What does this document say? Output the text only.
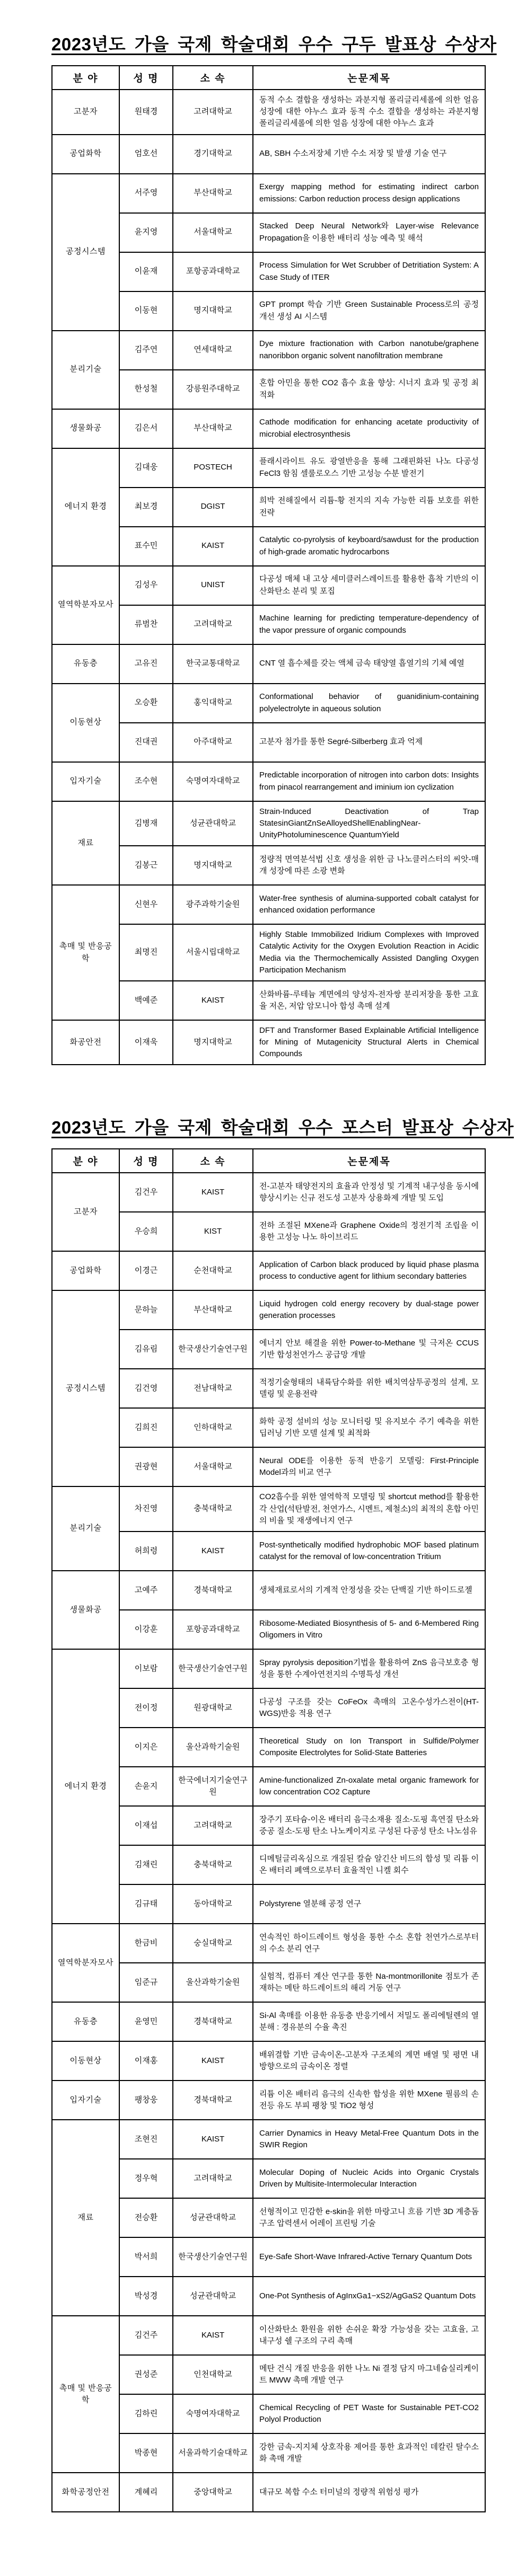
2023년도 가을 국제 학술대회 우수 구두 발표상 수상자
분 야	성 명	소 속	논문제목
고분자	원태경	고려대학교	동적 수소 결합을 생성하는 과분지형 폴리글리세롤에 의한 얼음 성장에 대한 야누스 효과 동적 수소 결합을 생성하는 과분지형 폴리글리세롤에 의한 얼음 성장에 대한 야누스 효과
공업화학	엄호선	경기대학교	AB, SBH 수소저장체 기반 수소 저장 및 발생 기술 연구
공정시스템	서주영	부산대학교	Exergy mapping method for estimating indirect carbon emissions: Carbon reduction process design applications
	윤지영	서울대학교	Stacked Deep Neural Network와 Layer-wise Relevance Propagation을 이용한 배터리 성능 예측 및 해석
	이윤재	포항공과대학교	Process Simulation for Wet Scrubber of Detritiation System: A Case Study of ITER
	이동현	명지대학교	GPT prompt 학습 기반 Green Sustainable Process로의 공정 개선 생성 AI 시스템
분리기술	김주연	연세대학교	Dye mixture fractionation with Carbon nanotube/graphene nanoribbon organic solvent nanofiltration membrane
	한성철	강릉원주대학교	혼합 아민을 통한 CO2 흡수 효율 향상: 시너지 효과 및 공정 최적화
생물화공	김은서	부산대학교	Cathode modification for enhancing acetate productivity of microbial electrosynthesis
에너지 환경	김대웅	POSTECH	플래시라이트 유도 광열반응을 통해 그래핀화된 나노 다공성 FeCl3 함침 셀룰로오스 기반 고성능 수분 발전기
	최보경	DGIST	희박 전해질에서 리튬-황 전지의 지속 가능한 리튬 보호를 위한 전략
	표수민	KAIST	Catalytic co-pyrolysis of keyboard/sawdust for the production of high-grade aromatic hydrocarbons
열역학분자모사	김성우	UNIST	다공성 매체 내 고상 세미클러스레이트를 활용한 흡착 기반의 이산화탄소 분리 및 포집
	류범찬	고려대학교	Machine learning for predicting temperature-dependency of the vapor pressure of organic compounds
유동층	고유진	한국교통대학교	CNT 열 흡수체를 갖는 액체 금속 태양열 흡열기의 기체 예열
이동현상	오승환	홍익대학교	Conformational behavior of guanidinium-containing polyelectrolyte in aqueous solution
	진대권	아주대학교	고분자 첨가를 통한 Segré-Silberberg 효과 억제
입자기술	조수현	숙명여자대학교	Predictable incorporation of nitrogen into carbon dots: Insights from pinacol rearrangement and iminium ion cyclization
재료	김병재	성균관대학교	Strain-Induced Deactivation of Trap StatesinGiantZnSeAlloyedShellEnablingNear-UnityPhotoluminescence QuantumYield
	김봉근	명지대학교	정량적 면역분석법 신호 생성을 위한 금 나노클러스터의 씨앗-매개 성장에 따른 소광 변화
촉매 및 반응공학	신현우	광주과학기술원	Water-free synthesis of alumina-supported cobalt catalyst for enhanced oxidation performance
	최명진	서울시립대학교	Highly Stable Immobilized Iridium Complexes with Improved Catalytic Activity for the Oxygen Evolution Reaction in Acidic Media via the Thermochemically Assisted Dangling Oxygen Participation Mechanism
	백예준	KAIST	산화바륨-루테늄 계면에의 양성자-전자쌍 분리저장을 통한 고효율 저온, 저압 암모니아 합성 촉매 설계
화공안전	이재욱	명지대학교	DFT and Transformer Based Explainable Artificial Intelligence for Mining of Mutagenicity Structural Alerts in Chemical Compounds
2023년도 가을 국제 학술대회 우수 포스터 발표상 수상자
분 야	성 명	소 속	논문제목
고분자	김건우	KAIST	전-고분자 태양전지의 효율과 안정성 및 기계적 내구성을 동시에 향상시키는 신규 전도성 고분자 상용화제 개발 및 도입
	우승희	KIST	전하 조절된 MXene과 Graphene Oxide의 정전기적 조립을 이용한 고성능 나노 하이브리드
공업화학	이경근	순천대학교	Application of Carbon black produced by liquid phase plasma process to conductive agent for lithium secondary batteries
공정시스템	문하늘	부산대학교	Liquid hydrogen cold energy recovery by dual-stage power generation processes
	김유림	한국생산기술연구원	에너지 안보 해결을 위한 Power-to-Methane 및 극저온 CCUS 기반 합성천연가스 공급망 개발
	김건영	전남대학교	적정기술형태의 내륙담수화를 위한 배치역삼투공정의 설계, 모델링 및 운용전략
	김희진	인하대학교	화학 공정 설비의 성능 모니터링 및 유지보수 주기 예측을 위한 딥러닝 기반 모델 설계 및 최적화
	권광현	서울대학교	Neural ODE를 이용한 동적 반응기 모델링: First-Principle Model과의 비교 연구
분리기술	차진영	충북대학교	CO2흡수를 위한 열역학적 모델링 및 shortcut method를 활용한 각 산업(석탄발전, 천연가스, 시멘트, 제철소)의 최적의 혼합 아민의 비율 및 재생에너지 연구
	허희령	KAIST	Post-synthetically modified hydrophobic MOF based platinum catalyst for the removal of low-concentration Tritium
생물화공	고예주	경북대학교	생체재료로서의 기계적 안정성을 갖는 단백질 기반 하이드로젤
	이강훈	포항공과대학교	Ribosome-Mediated Biosynthesis of 5- and 6-Membered Ring Oligomers in Vitro
에너지 환경	이보람	한국생산기술연구원	Spray pyrolysis deposition기법을 활용하여 ZnS 음극보호층 형성을 통한 수계아연전지의 수명특성 개선
	전이정	원광대학교	다공성 구조를 갖는 CoFeOx 촉매의 고온수성가스전이(HT-WGS)반응 적용 연구
	이지은	울산과학기술원	Theoretical Study on Ion Transport in Sulfide/Polymer Composite Electrolytes for Solid-State Batteries
	손윤지	한국에너지기술연구원	Amine-functionalized Zn-oxalate metal organic framework for low concentration CO2 Capture
	이재섭	고려대학교	장주기 포타슘-이온 배터리 음극소재용 질소-도핑 흑연질 탄소와 중공 질소-도핑 탄소 나노케이지로 구성된 다공성 탄소 나노섬유
	김채린	충북대학교	디메틸글리옥심으로 개질된 칼슘 알긴산 비드의 합성 및 리튬 이온 배터리 폐액으로부터 효율적인 니켈 회수
	김규태	동아대학교	Polystyrene 열분해 공정 연구
열역학분자모사	한금비	숭실대학교	연속적인 하이드레이트 형성을 통한 수소 혼합 천연가스로부터의 수소 분리 연구
	임준규	울산과학기술원	실험적, 컴퓨터 계산 연구를 통한 Na-montmorillonite 점토가 존재하는 메탄 하드레이트의 해리 거동 연구
유동층	윤영민	경북대학교	Si-Al 촉매를 이용한 유동층 반응기에서 저밀도 폴리에틸렌의 열분해 : 경유분의 수율 촉진
이동현상	이재홍	KAIST	배위결합 기반 금속이온-고분자 구조체의 계면 배열 및 평면 내 방향으로의 금속이온 정렬
입자기술	팽창웅	경북대학교	리튬 이온 배터리 음극의 신속한 합성을 위한 MXene 필름의 손전등 유도 부피 팽창 및 TiO2 형성
재료	조현진	KAIST	Carrier Dynamics in Heavy Metal-Free Quantum Dots in the SWIR Region
	정우혁	고려대학교	Molecular Doping of Nucleic Acids into Organic Crystals Driven by Multisite-Intermolecular Interaction
	전승환	성균관대학교	선형적이고 민감한 e-skin을 위한 마랑고니 흐름 기반 3D 계층돔 구조 압력센서 어레이 프린팅 기술
	박서희	한국생산기술연구원	Eye-Safe Short-Wave Infrared-Active Ternary Quantum Dots
	박성경	성균관대학교	One-Pot Synthesis of AgInxGa1−xS2/AgGaS2 Quantum Dots
촉매 및 반응공학	김건주	KAIST	이산화탄소 환원을 위한 손쉬운 확장 가능성을 갖는 고효율, 고내구성 쉘 구조의 구리 촉매
	권성준	인천대학교	메탄 건식 개질 반응을 위한 나노 Ni 결정 담지 마그네슘실리케이트 MWW 촉매 개발 연구
	김하린	숙명여자대학교	Chemical Recycling of PET Waste for Sustainable PET-CO2 Polyol Production
	박종현	서울과학기술대학교	강한 금속-지지체 상호작용 제어를 통한 효과적인 데칼린 탈수소화 촉매 개발
화학공정안전	계혜리	중앙대학교	대규모 복합 수소 터미널의 정량적 위험성 평가
